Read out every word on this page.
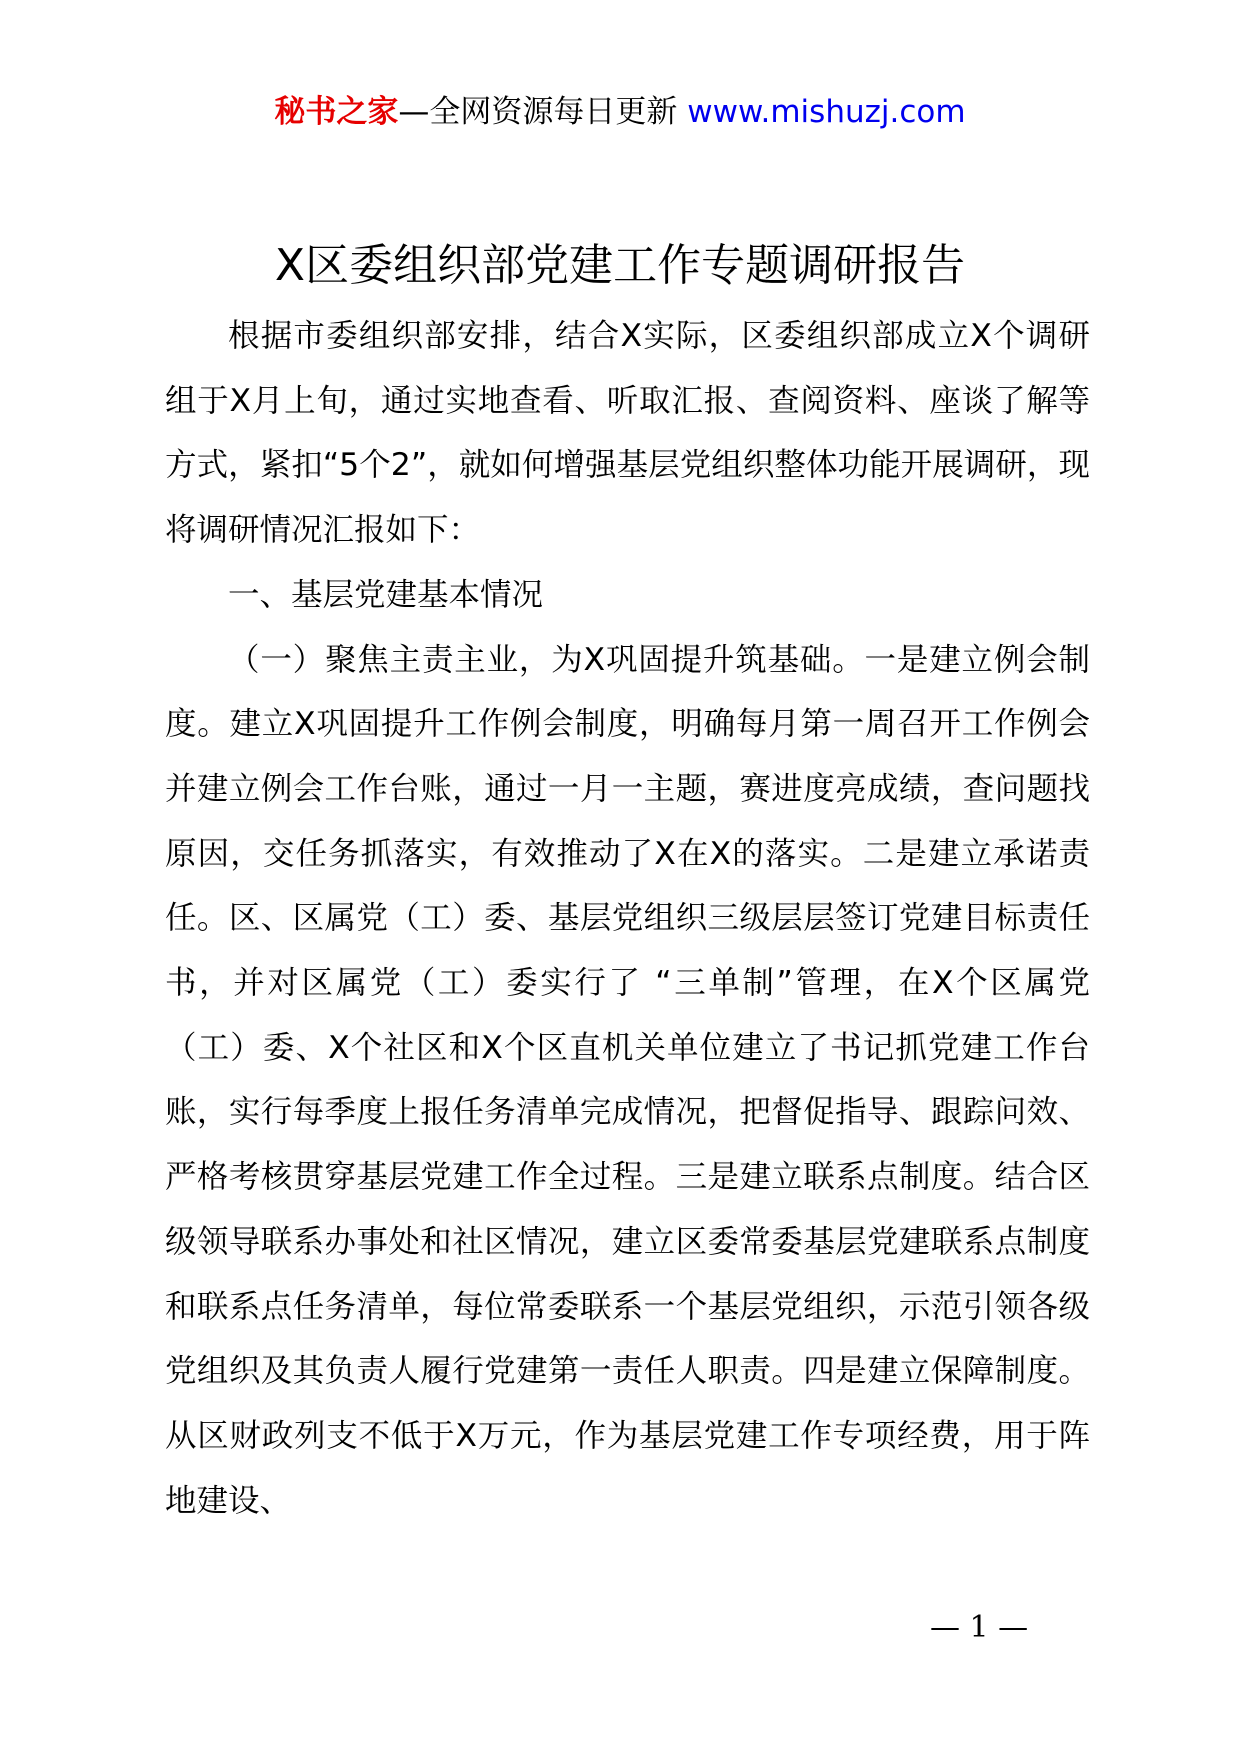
秘书之家—全网资源每日更新 www.mishuzj.com
X区委组织部党建工作专题调研报告

根据市委组织部安排，结合X实际，区委组织部成立X个调研组于X月上旬，通过实地查看、听取汇报、查阅资料、座谈了解等方式，紧扣“5个2”，就如何增强基层党组织整体功能开展调研，现将调研情况汇报如下：

一、基层党建基本情况

（一）聚焦主责主业，为X巩固提升筑基础。一是建立例会制度。建立X巩固提升工作例会制度，明确每月第一周召开工作例会并建立例会工作台账，通过一月一主题，赛进度亮成绩，查问题找原因，交任务抓落实，有效推动了X在X的落实。二是建立承诺责任。区、区属党（工）委、基层党组织三级层层签订党建目标责任书，并对区属党（工）委实行了 “三单制”管理，在X个区属党（工）委、X个社区和X个区直机关单位建立了书记抓党建工作台账，实行每季度上报任务清单完成情况，把督促指导、跟踪问效、严格考核贯穿基层党建工作全过程。三是建立联系点制度。结合区级领导联系办事处和社区情况，建立区委常委基层党建联系点制度和联系点任务清单，每位常委联系一个基层党组织，示范引领各级党组织及其负责人履行党建第一责任人职责。四是建立保障制度。从区财政列支不低于X万元，作为基层党建工作专项经费，用于阵地建设、

— 1 —
